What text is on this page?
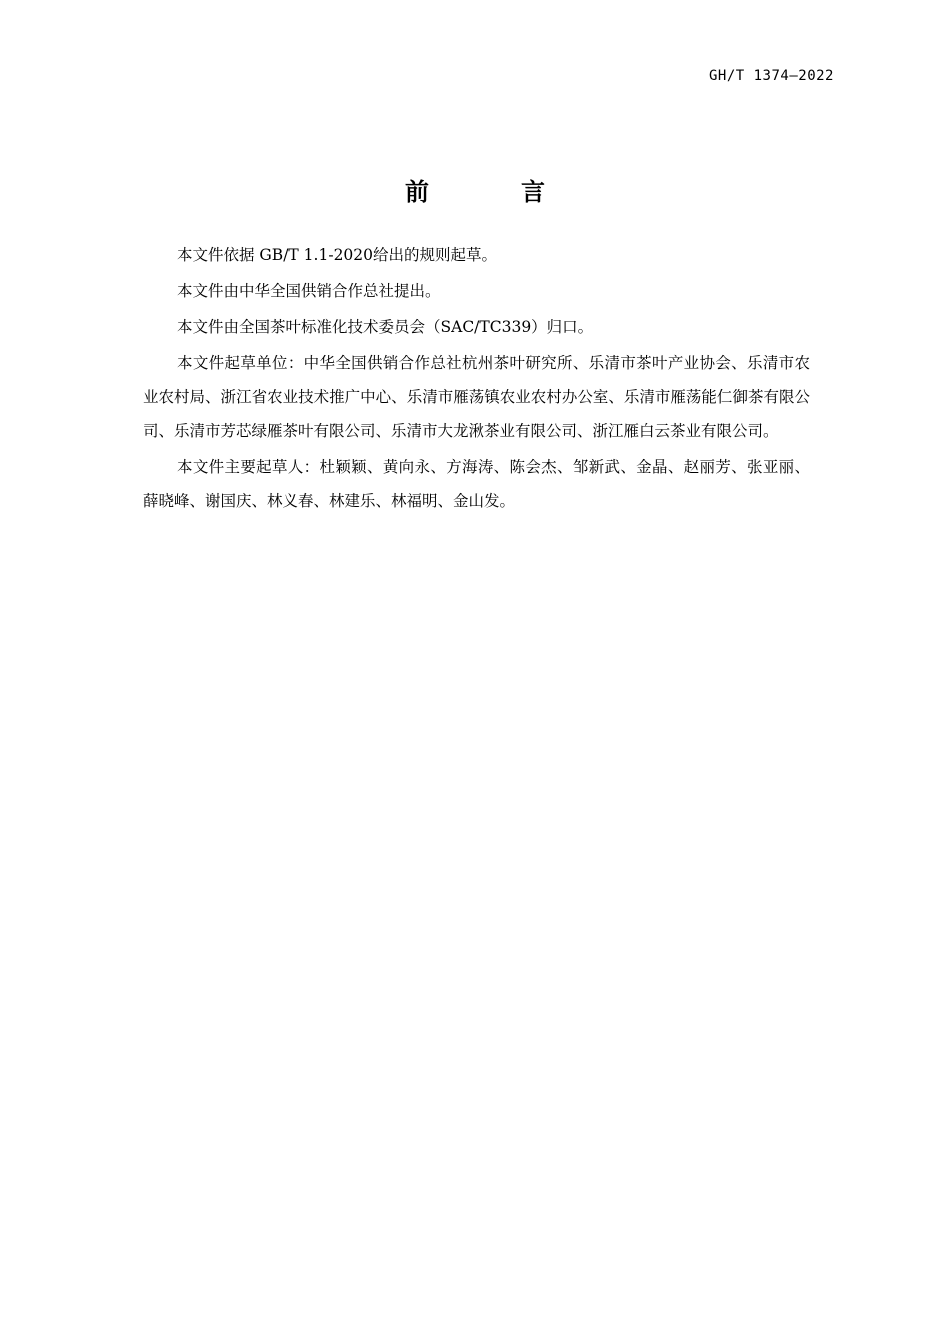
GH/T 1374—2022
前　言

本文件依据 GB/T 1.1-2020给出的规则起草。

本文件由中华全国供销合作总社提出。

本文件由全国茶叶标准化技术委员会（SAC/TC339）归口。

本文件起草单位：中华全国供销合作总社杭州茶叶研究所、乐清市茶叶产业协会、乐清市农业农村局、浙江省农业技术推广中心、乐清市雁荡镇农业农村办公室、乐清市雁荡能仁御茶有限公司、乐清市芳芯绿雁茶叶有限公司、乐清市大龙湫茶业有限公司、浙江雁白云茶业有限公司。

本文件主要起草人：杜颖颖、黄向永、方海涛、陈会杰、邹新武、金晶、赵丽芳、张亚丽、薛晓峰、谢国庆、林义春、林建乐、林福明、金山发。
